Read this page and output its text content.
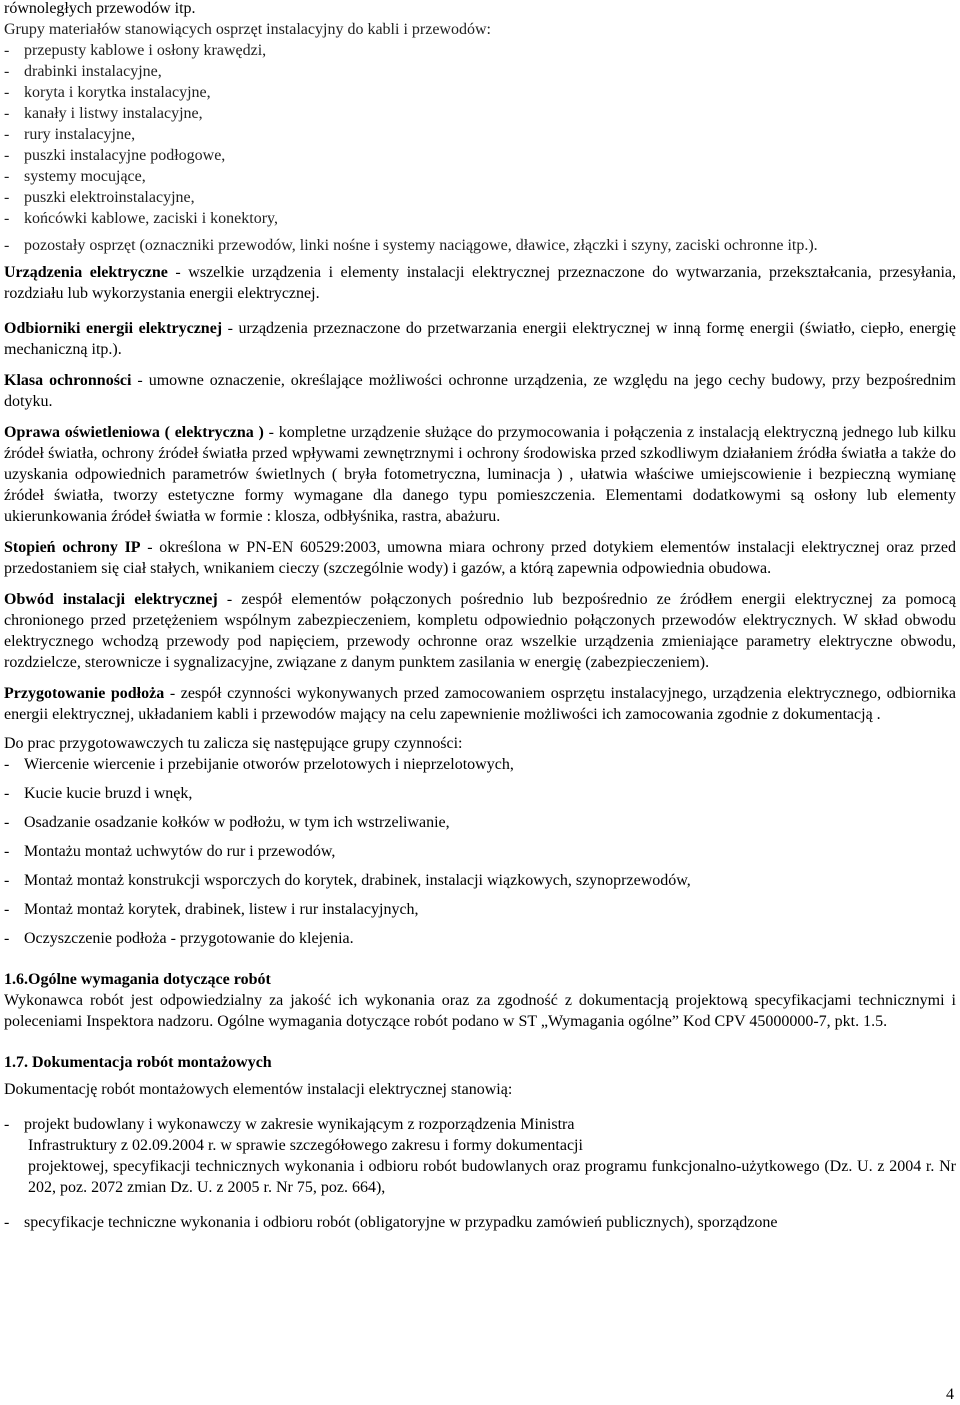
równoległych przewodów itp.

Grupy materiałów stanowiących osprzęt instalacyjny do kabli i przewodów:

- przepusty kablowe i osłony krawędzi,
- drabinki instalacyjne,
- koryta i korytka instalacyjne,
- kanały i listwy instalacyjne,
- rury instalacyjne,
- puszki instalacyjne podłogowe,
- systemy mocujące,
- puszki elektroinstalacyjne,
- końcówki kablowe, zaciski i konektory,

- pozostały osprzęt (oznaczniki przewodów, linki nośne i systemy naciągowe, dławice, złączki i szyny, zaciski ochronne itp.).

Urządzenia elektryczne - wszelkie urządzenia i elementy instalacji elektrycznej przeznaczone do wytwarzania, przekształcania, przesyłania, rozdziału lub wykorzystania energii elektrycznej.

Odbiorniki energii elektrycznej - urządzenia przeznaczone do przetwarzania energii elektrycznej w inną formę energii (światło, ciepło, energię mechaniczną itp.).

Klasa ochronności - umowne oznaczenie, określające możliwości ochronne urządzenia, ze względu na jego cechy budowy, przy bezpośrednim dotyku.

Oprawa oświetleniowa ( elektryczna ) - kompletne urządzenie służące do przymocowania i połączenia z instalacją elektryczną jednego lub kilku źródeł światła, ochrony źródeł światła przed wpływami zewnętrznymi i ochrony środowiska przed szkodliwym działaniem źródła światła a także do uzyskania odpowiednich parametrów świetlnych ( bryła fotometryczna, luminacja ) , ułatwia właściwe umiejscowienie i bezpieczną wymianę źródeł światła, tworzy estetyczne formy wymagane dla danego typu pomieszczenia. Elementami dodatkowymi są osłony lub elementy ukierunkowania źródeł światła w formie : klosza, odbłyśnika, rastra, abażuru.

Stopień ochrony IP - określona w PN-EN 60529:2003, umowna miara ochrony przed dotykiem elementów instalacji elektrycznej oraz przed przedostaniem się ciał stałych, wnikaniem cieczy (szczególnie wody) i gazów, a którą zapewnia odpowiednia obudowa.

Obwód instalacji elektrycznej - zespół elementów połączonych pośrednio lub bezpośrednio ze źródłem energii elektrycznej za pomocą chronionego przed przetężeniem wspólnym zabezpieczeniem, kompletu odpowiednio połączonych przewodów elektrycznych. W skład obwodu elektrycznego wchodzą przewody pod napięciem, przewody ochronne oraz wszelkie urządzenia zmieniające parametry elektryczne obwodu, rozdzielcze, sterownicze i sygnalizacyjne, związane z danym punktem zasilania w energię (zabezpieczeniem).

Przygotowanie podłoża - zespół czynności wykonywanych przed zamocowaniem osprzętu instalacyjnego, urządzenia elektrycznego, odbiornika energii elektrycznej, układaniem kabli i przewodów mający na celu zapewnienie możliwości ich zamocowania zgodnie z dokumentacją .

Do prac przygotowawczych tu zalicza się następujące grupy czynności:

- Wiercenie wiercenie i przebijanie otworów przelotowych i nieprzelotowych,
- Kucie kucie bruzd i wnęk,
- Osadzanie osadzanie kołków w podłożu, w tym ich wstrzeliwanie,
- Montażu montaż uchwytów do rur i przewodów,
- Montaż montaż konstrukcji wsporczych do korytek, drabinek, instalacji wiązkowych, szynoprzewodów,
- Montaż montaż korytek, drabinek, listew i rur instalacyjnych,
- Oczyszczenie podłoża - przygotowanie do klejenia.

1.6.Ogólne wymagania dotyczące robót

Wykonawca robót jest odpowiedzialny za jakość ich wykonania oraz za zgodność z dokumentacją projektową specyfikacjami technicznymi i poleceniami Inspektora nadzoru. Ogólne wymagania dotyczące robót podano w ST „Wymagania ogólne” Kod CPV 45000000-7, pkt. 1.5.

1.7. Dokumentacja robót montażowych

Dokumentację robót montażowych elementów instalacji elektrycznej stanowią:

- projekt budowlany i wykonawczy w zakresie wynikającym z rozporządzenia Ministra
Infrastruktury z 02.09.2004 r. w sprawie szczegółowego zakresu i formy dokumentacji

projektowej, specyfikacji technicznych wykonania i odbioru robót budowlanych oraz programu funkcjonalno-użytkowego (Dz. U. z 2004 r. Nr 202, poz. 2072 zmian Dz. U. z 2005 r. Nr 75, poz. 664),

- specyfikacje techniczne wykonania i odbioru robót (obligatoryjne w przypadku zamówień publicznych), sporządzone

4
